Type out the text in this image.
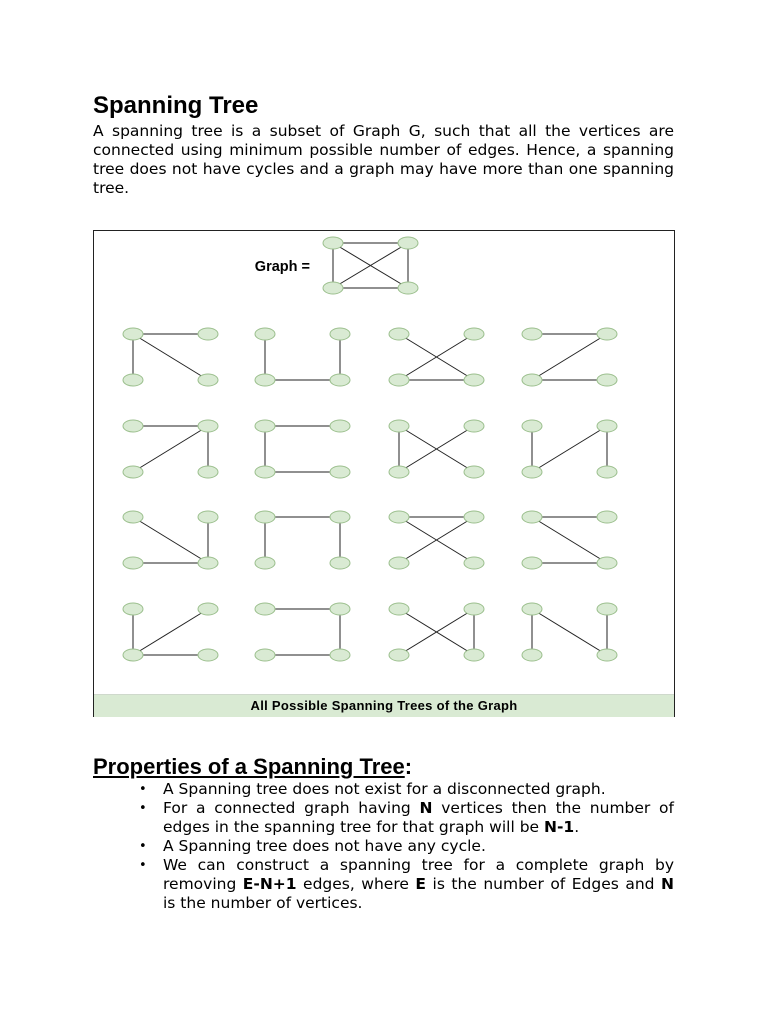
Spanning Tree

A spanning tree is a subset of Graph G, such that all the vertices are connected using minimum possible number of edges. Hence, a spanning tree does not have cycles and a graph may have more than one spanning tree.

Graph =
All Possible Spanning Trees of the Graph
Properties of a Spanning Tree:
• A Spanning tree does not exist for a disconnected graph.
• For a connected graph having N vertices then the number of edges in the spanning tree for that graph will be N-1.
• A Spanning tree does not have any cycle.
• We can construct a spanning tree for a complete graph by removing E-N+1 edges, where E is the number of Edges and N is the number of vertices.
